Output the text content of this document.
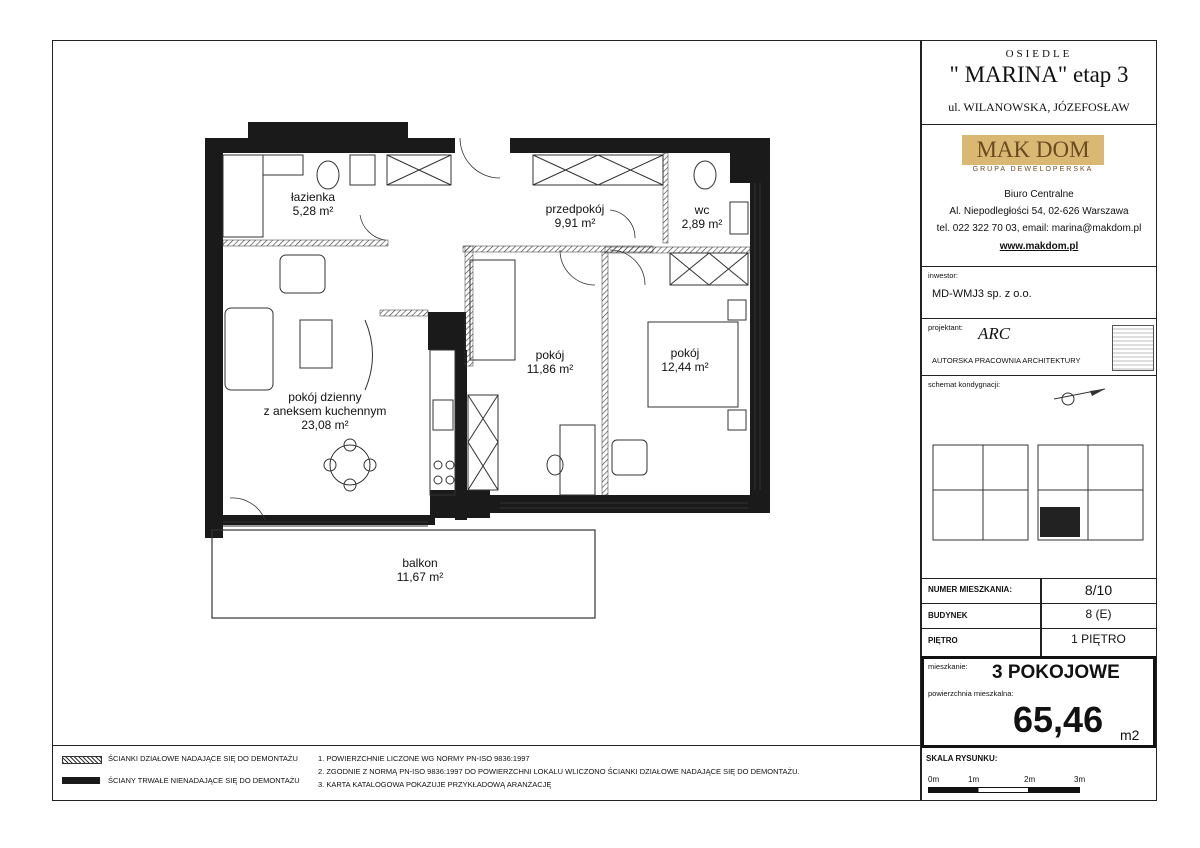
łazienka
5,28 m²	przedpokój
9,91 m²
wc
2,89 m²
pokój
11,86 m²
pokój
12,44 m²
pokój dzienny
z aneksem kuchennym
23,08 m²
balkon
11,67 m²
ŚCIANKI DZIAŁOWE NADAJĄCE SIĘ DO DEMONTAŻU
ŚCIANY TRWAŁE NIENADAJĄCE SIĘ DO DEMONTAŻU
1. POWIERZCHNIE LICZONE WG NORMY PN-ISO 9836:1997
2. ZGODNIE Z NORMĄ PN-ISO 9836:1997 DO POWIERZCHNI LOKALU WLICZONO ŚCIANKI DZIAŁOWE NADAJĄCE SIĘ DO DEMONTAŻU.
3. KARTA KATALOGOWA POKAZUJE PRZYKŁADOWĄ ARANŻACJĘ
OSIEDLE
" MARINA" etap 3
ul. WILANOWSKA, JÓZEFOSŁAW
MAK DOM
GRUPA DEWELOPERSKA
Biuro Centralne
Al. Niepodległości 54, 02-626 Warszawa
tel. 022 322 70 03, email: marina@makdom.pl
www.makdom.pl
inwestor:
MD-WMJ3 sp. z o.o.
projektant: ARC
AUTORSKA PRACOWNIA ARCHITEKTURY
schemat kondygnacji:
NUMER MIESZKANIA:	8/10
BUDYNEK	8 (E)
PIĘTRO	1 PIĘTRO
mieszkanie: 3 POKOJOWE
powierzchnia mieszkalna:
65,46 m2
SKALA RYSUNKU:
0m	1m	2m	3m
